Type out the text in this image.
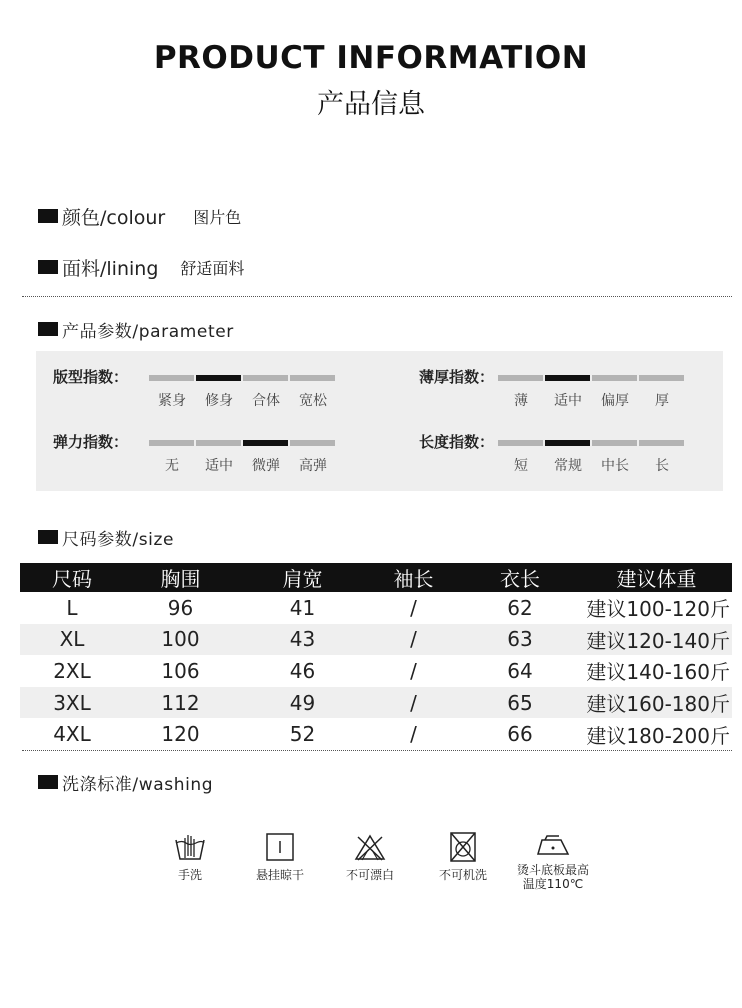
PRODUCT INFORMATION
产品信息
颜色/colour 图片色
面料/lining 舒适面料
产品参数/parameter
版型指数：
紧身	修身	合体	宽松
薄厚指数：
薄	适中	偏厚	厚
弹力指数：
无	适中	微弹	高弹
长度指数：
短	常规	中长	长
尺码参数/size
尺码	胸围	肩宽	袖长	衣长	建议体重
L	96	41	/	62	建议100-120斤
XL	100	43	/	63	建议120-140斤
2XL	106	46	/	64	建议140-160斤
3XL	112	49	/	65	建议160-180斤
4XL	120	52	/	66	建议180-200斤
洗涤标准/washing
手洗	悬挂晾干	不可漂白	不可机洗	烫斗底板最高
温度110℃
